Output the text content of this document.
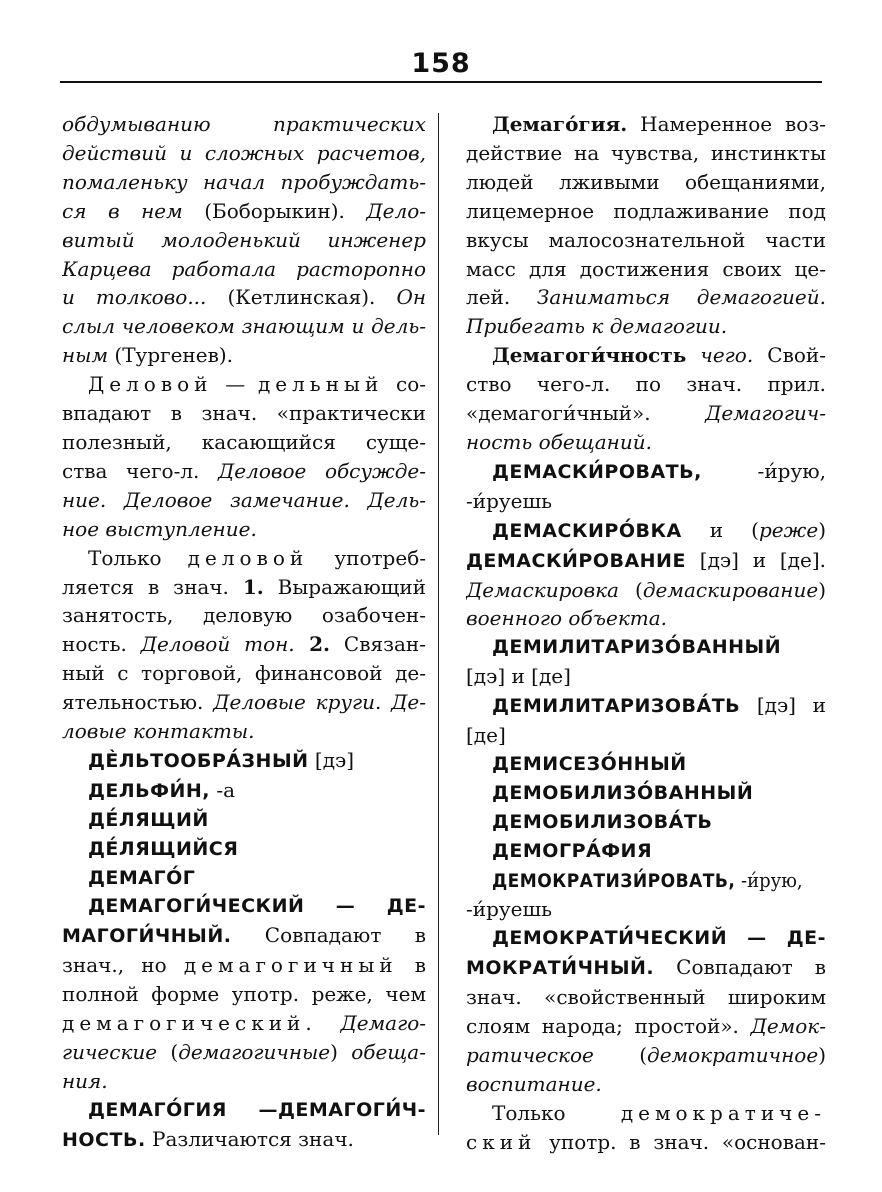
158

обдумыванию практических
действий и сложных расчетов,
помаленьку начал пробуждать-
ся в нем (Боборыкин). Дело-
витый молоденький инженер
Карцева работала расторопно
и толково... (Кетлинская). Он
слыл человеком знающим и дель-
ным (Тургенев).

Деловой — дельный со-
впадают в знач. «практически
полезный, касающийся суще-
ства чего-л. Деловое обсужде-
ние. Деловое замечание. Дель-
ное выступление.

Только деловой употреб-
ляется в знач. 1. Выражающий
занятость, деловую озабочен-
ность. Деловой тон. 2. Связан-
ный с торговой, финансовой де-
ятельностью. Деловые круги. Де-
ловые контакты.

ДЀЛЬТООБРА́ЗНЫЙ [дэ]
ДЕЛЬФИ́Н, -а
ДЕ́ЛЯЩИЙ
ДЕ́ЛЯЩИЙСЯ
ДЕМАГО́Г

ДЕМАГОГИ́ЧЕСКИЙ — ДЕ-
МАГОГИ́ЧНЫЙ. Совпадают в
знач., но демагогичный в
полной форме употр. реже, чем
демагогический. Демаго-
гические (демагогичные) обеща-
ния.

ДЕМАГО́ГИЯ —ДЕМАГОГИ́Ч-
НОСТЬ. Различаются знач.

Демаго́гия. Намеренное воз-
действие на чувства, инстинкты
людей лживыми обещаниями,
лицемерное подлаживание под
вкусы малосознательной части
масс для достижения своих це-
лей. Заниматься демагогией.
Прибегать к демагогии.

Демагоги́чность чего. Свой-
ство чего-л. по знач. прил.
«демагоги́чный». Демагогич-
ность обещаний.

ДЕМАСКИ́РОВАТЬ, -и́рую,
-и́руешь

ДЕМАСКИРО́ВКА и (реже)
ДЕМАСКИ́РОВАНИЕ [дэ] и [де].
Демаскировка (демаскирование)
военного объекта.

ДЕМИЛИТАРИЗО́ВАННЫЙ
[дэ] и [де]

ДЕМИЛИТАРИЗОВА́ТЬ [дэ] и
[де]

ДЕМИСЕЗО́ННЫЙ
ДЕМОБИЛИЗО́ВАННЫЙ
ДЕМОБИЛИЗОВА́ТЬ
ДЕМОГРА́ФИЯ

ДЕМОКРАТИЗИ́РОВАТЬ, -и́рую,
-и́руешь

ДЕМОКРАТИ́ЧЕСКИЙ — ДЕ-
МОКРАТИ́ЧНЫЙ. Совпадают в
знач. «свойственный широким
слоям народа; простой». Демок-
ратическое (демократичное)
воспитание.

Только демократиче-
ский употр. в знач. «основан-
